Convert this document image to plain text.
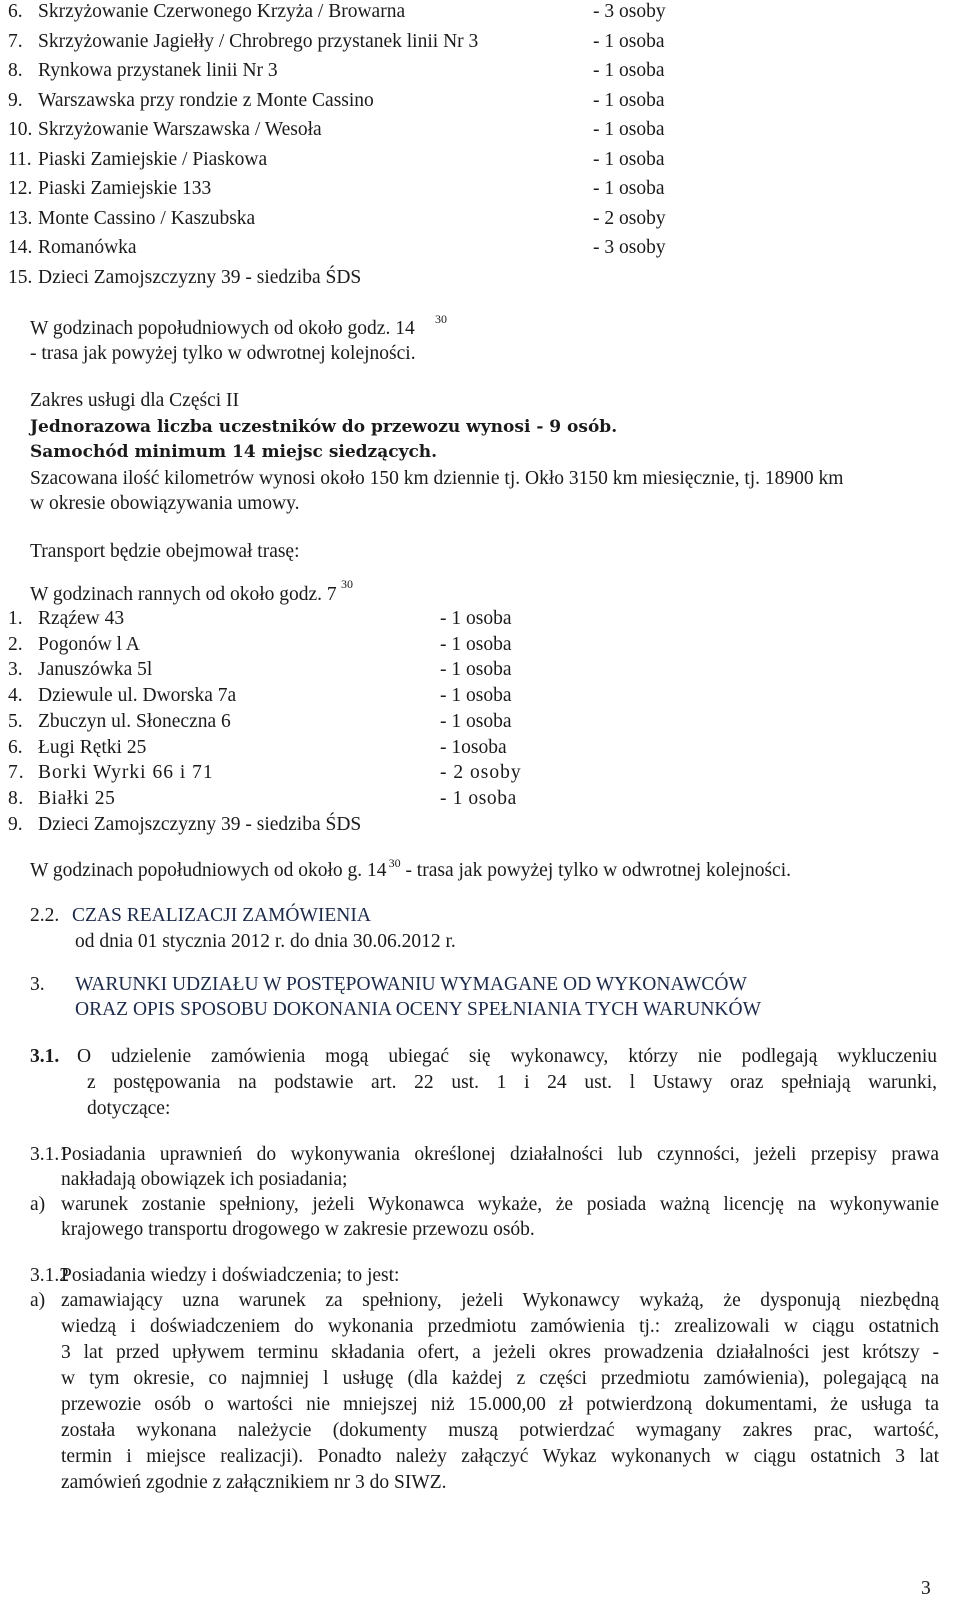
6. Skrzyżowanie Czerwonego Krzyża / Browarna	- 3 osoby
7. Skrzyżowanie Jagiełły / Chrobrego przystanek linii Nr 3	- 1 osoba
8. Rynkowa przystanek linii Nr 3	- 1 osoba
9. Warszawska przy rondzie z Monte Cassino	- 1 osoba
10. Skrzyżowanie Warszawska / Wesoła	- 1 osoba
11. Piaski Zamiejskie / Piaskowa	- 1 osoba
12. Piaski Zamiejskie 133	- 1 osoba
13. Monte Cassino / Kaszubska	- 2 osoby
14. Romanówka	- 3 osoby
15. Dzieci Zamojszczyzny 39 - siedziba ŚDS
W godzinach popołudniowych od około godz. 14 30
- trasa jak powyżej tylko w odwrotnej kolejności.
Zakres usługi dla Części II
Jednorazowa liczba uczestników do przewozu wynosi - 9 osób.
Samochód minimum 14 miejsc siedzących.
Szacowana ilość kilometrów wynosi około 150 km dziennie tj. Okło 3150 km miesięcznie, tj. 18900 km
w okresie obowiązywania umowy.
Transport będzie obejmował trasę:
W godzinach rannych od około godz. 7 30
1. Rząźew 43	- 1 osoba
2. Pogonów l A	- 1 osoba
3. Januszówka 5l	- 1 osoba
4. Dziewule ul. Dworska 7a	- 1 osoba
5. Zbuczyn ul. Słoneczna 6	- 1 osoba
6. Ługi Rętki 25	- 1osoba
7. Borki Wyrki 66 i 71	- 2 osoby
8. Białki 25	- 1 osoba
9. Dzieci Zamojszczyzny 39 - siedziba ŚDS
W godzinach popołudniowych od około g. 14 $^{30}$ - trasa jak powyżej tylko w odwrotnej kolejności.
2.2. CZAS REALIZACJI ZAMÓWIENIA
od dnia 01 stycznia 2012 r. do dnia 30.06.2012 r.
3. WARUNKI UDZIAŁU W POSTĘPOWANIU WYMAGANE OD WYKONAWCÓW
ORAZ OPIS SPOSOBU DOKONANIA OCENY SPEŁNIANIA TYCH WARUNKÓW
3.1. O udzielenie zamówienia mogą ubiegać się wykonawcy, którzy nie podlegają wykluczeniu
z postępowania na podstawie art. 22 ust. 1 i 24 ust. l Ustawy oraz spełniają warunki,
dotyczące:
3.1.1
Posiadania uprawnień do wykonywania określonej działalności lub czynności, jeżeli przepisy prawa
nakładają obowiązek ich posiadania;
a) warunek zostanie spełniony, jeżeli Wykonawca wykaże, że posiada ważną licencję na wykonywanie
krajowego transportu drogowego w zakresie przewozu osób.
3.1.2
Posiadania wiedzy i doświadczenia; to jest:
a) zamawiający uzna warunek za spełniony, jeżeli Wykonawcy wykażą, że dysponują niezbędną
wiedzą i doświadczeniem do wykonania przedmiotu zamówienia tj.: zrealizowali w ciągu ostatnich
3 lat przed upływem terminu składania ofert, a jeżeli okres prowadzenia działalności jest krótszy -
w tym okresie, co najmniej l usługę (dla każdej z części przedmiotu zamówienia), polegającą na
przewozie osób o wartości nie mniejszej niż 15.000,00 zł potwierdzoną dokumentami, że usługa ta
została wykonana należycie (dokumenty muszą potwierdzać wymagany zakres prac, wartość,
termin i miejsce realizacji). Ponadto należy załączyć Wykaz wykonanych w ciągu ostatnich 3 lat
zamówień zgodnie z załącznikiem nr 3 do SIWZ.
3
